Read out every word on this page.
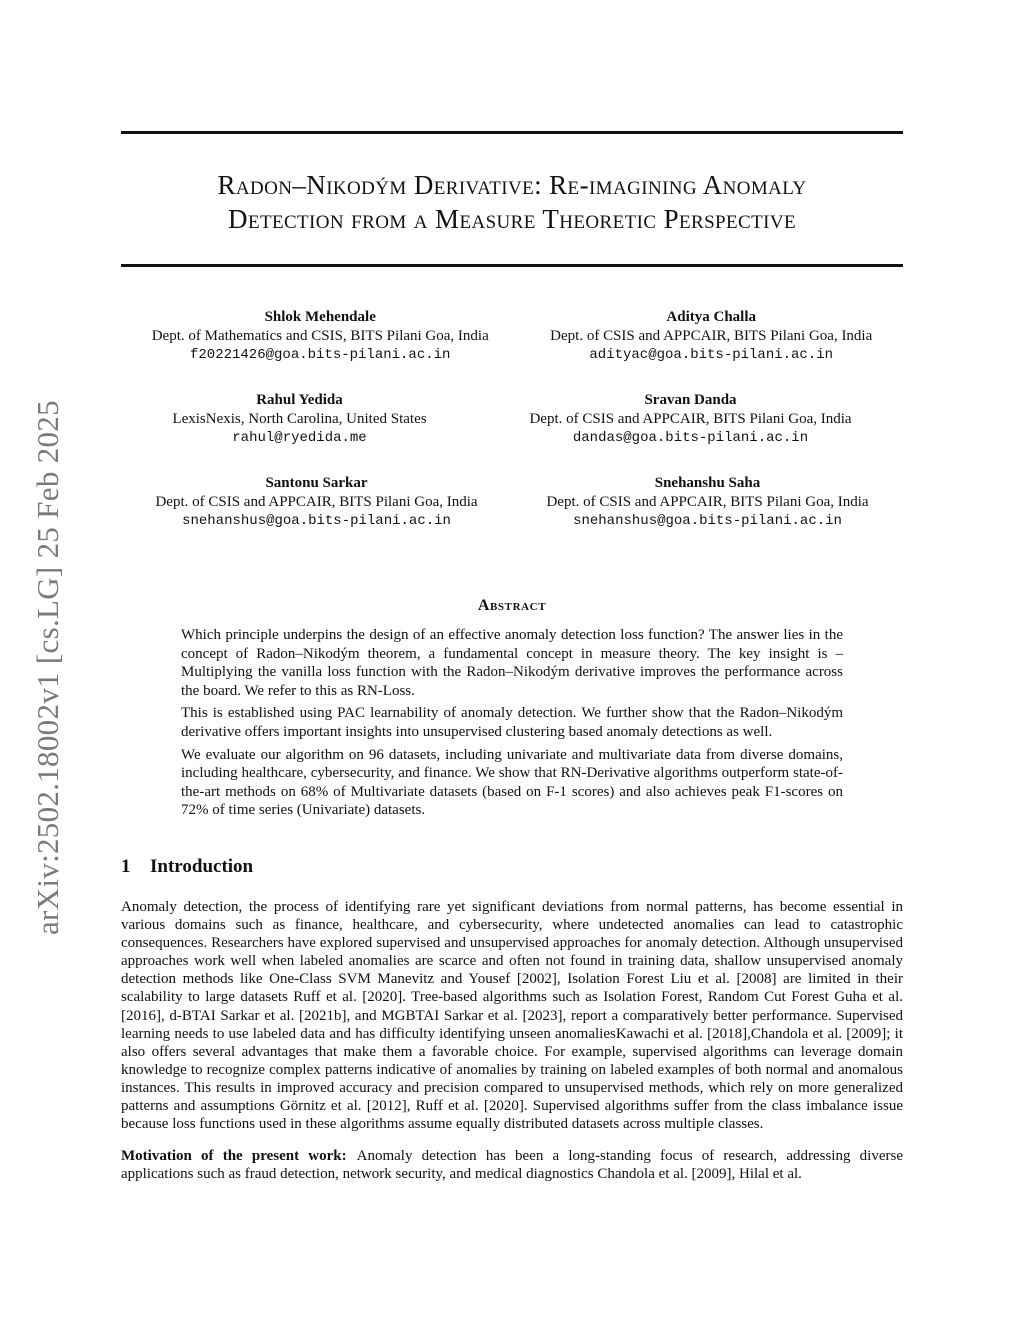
arXiv:2502.18002v1 [cs.LG] 25 Feb 2025
Radon–Nikodým Derivative: Re-imagining Anomaly
Detection from a Measure Theoretic Perspective
Shlok Mehendale
Dept. of Mathematics and CSIS, BITS Pilani Goa, India
f20221426@goa.bits-pilani.ac.in
Aditya Challa
Dept. of CSIS and APPCAIR, BITS Pilani Goa, India
adityac@goa.bits-pilani.ac.in
Rahul Yedida
LexisNexis, North Carolina, United States
rahul@ryedida.me
Sravan Danda
Dept. of CSIS and APPCAIR, BITS Pilani Goa, India
dandas@goa.bits-pilani.ac.in
Santonu Sarkar
Dept. of CSIS and APPCAIR, BITS Pilani Goa, India
snehanshus@goa.bits-pilani.ac.in
Snehanshu Saha
Dept. of CSIS and APPCAIR, BITS Pilani Goa, India
snehanshus@goa.bits-pilani.ac.in
Abstract

Which principle underpins the design of an effective anomaly detection loss function? The answer lies in the concept of Radon–Nikodým theorem, a fundamental concept in measure theory. The key insight is – Multiplying the vanilla loss function with the Radon–Nikodým derivative improves the performance across the board. We refer to this as RN-Loss.

This is established using PAC learnability of anomaly detection. We further show that the Radon–Nikodým derivative offers important insights into unsupervised clustering based anomaly detections as well.

We evaluate our algorithm on 96 datasets, including univariate and multivariate data from diverse domains, including healthcare, cybersecurity, and finance. We show that RN-Derivative algorithms outperform state-of-the-art methods on 68% of Multivariate datasets (based on F-1 scores) and also achieves peak F1-scores on 72% of time series (Univariate) datasets.

1 Introduction

Anomaly detection, the process of identifying rare yet significant deviations from normal patterns, has become essential in various domains such as finance, healthcare, and cybersecurity, where undetected anomalies can lead to catastrophic consequences. Researchers have explored supervised and unsupervised approaches for anomaly detection. Although unsupervised approaches work well when labeled anomalies are scarce and often not found in training data, shallow unsupervised anomaly detection methods like One-Class SVM Manevitz and Yousef [2002], Isolation Forest Liu et al. [2008] are limited in their scalability to large datasets Ruff et al. [2020]. Tree-based algorithms such as Isolation Forest, Random Cut Forest Guha et al. [2016], d-BTAI Sarkar et al. [2021b], and MGBTAI Sarkar et al. [2023], report a comparatively better performance. Supervised learning needs to use labeled data and has difficulty identifying unseen anomaliesKawachi et al. [2018],Chandola et al. [2009]; it also offers several advantages that make them a favorable choice. For example, supervised algorithms can leverage domain knowledge to recognize complex patterns indicative of anomalies by training on labeled examples of both normal and anomalous instances. This results in improved accuracy and precision compared to unsupervised methods, which rely on more generalized patterns and assumptions Görnitz et al. [2012], Ruff et al. [2020]. Supervised algorithms suffer from the class imbalance issue because loss functions used in these algorithms assume equally distributed datasets across multiple classes.

Motivation of the present work: Anomaly detection has been a long-standing focus of research, addressing diverse applications such as fraud detection, network security, and medical diagnostics Chandola et al. [2009], Hilal et al.
